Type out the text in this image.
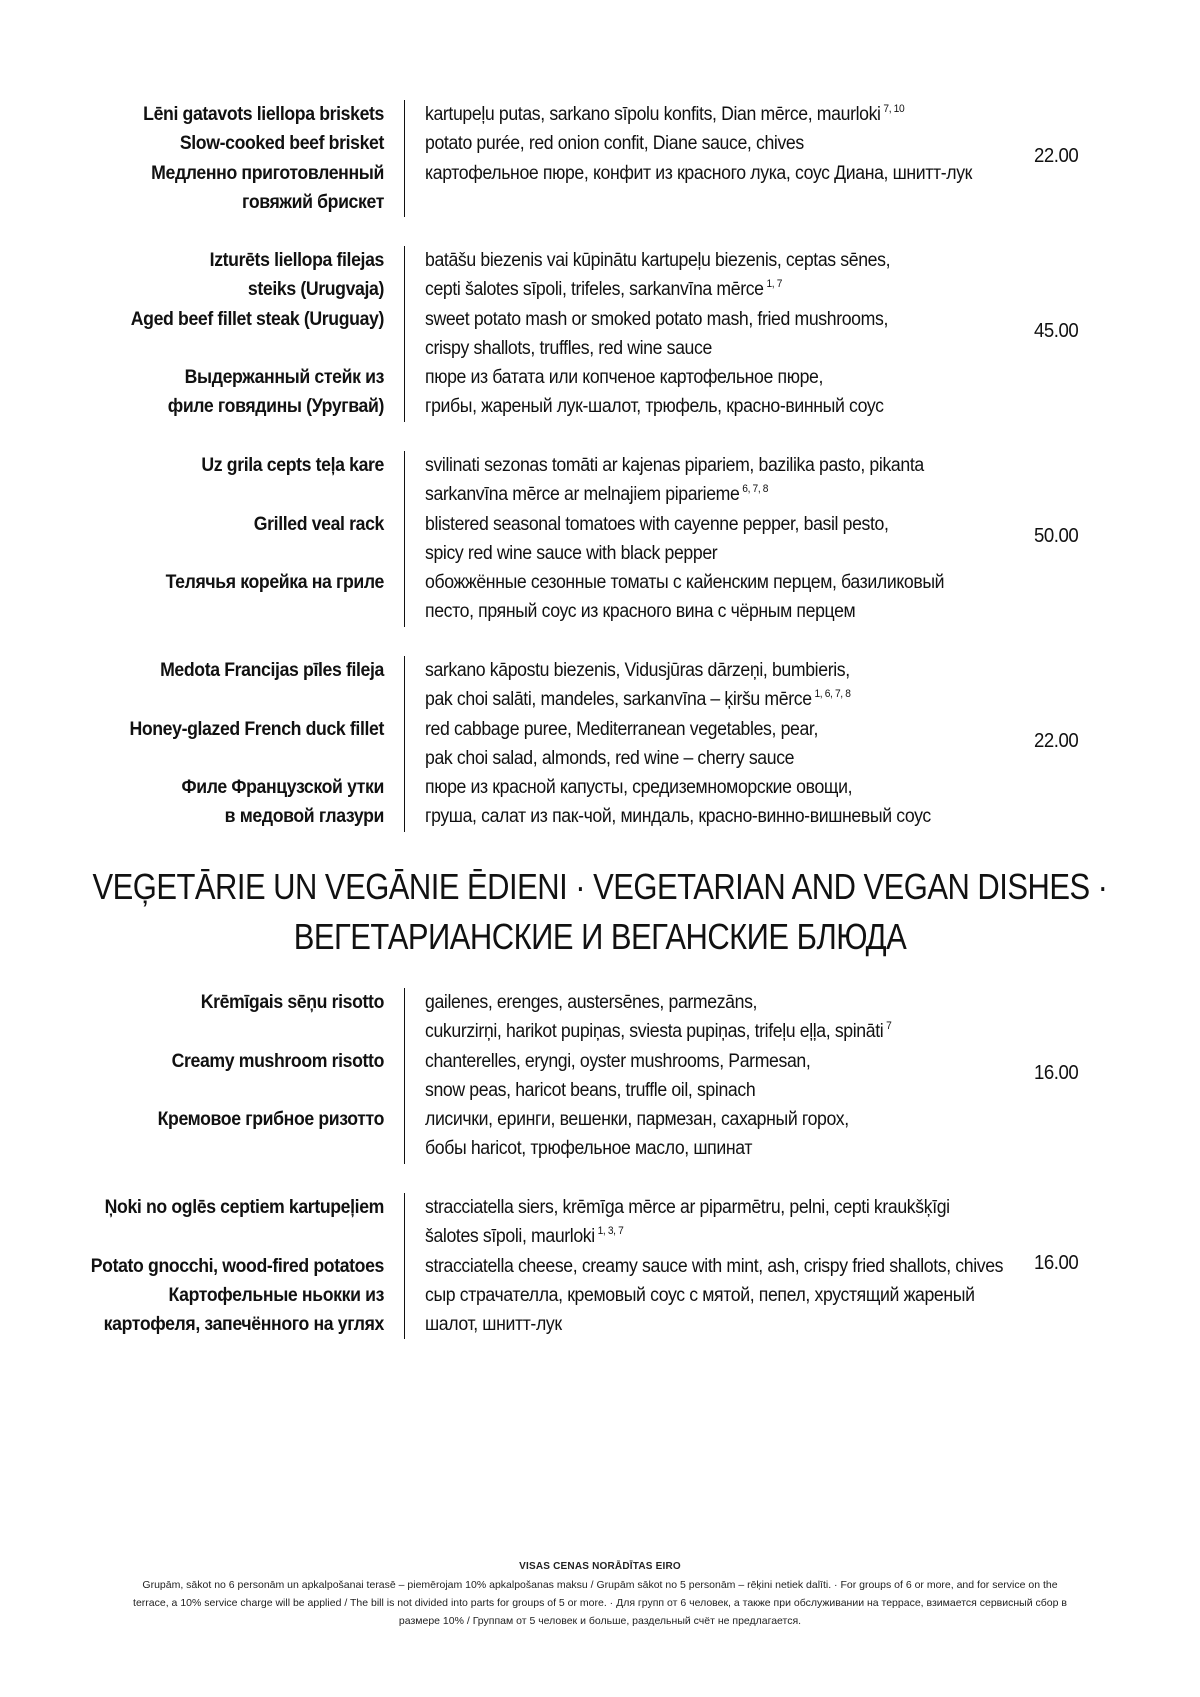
Lēni gatavots liellopa briskets
Slow-cooked beef brisket
Медленно приготовленный
говяжий брискет
kartupeļu putas, sarkano sīpolu konfits, Dian mērce, maurloki $^{7, 10}$
potato purée, red onion confit, Diane sauce, chives
картофельное пюре, конфит из красного лука, соус Диана, шнитт-лук
22.00
Izturēts liellopa filejas
steiks (Urugvaja)
Aged beef fillet steak (Uruguay)
Выдержанный стейк из
филе говядины (Уругвай)
batāšu biezenis vai kūpinātu kartupeļu biezenis, ceptas sēnes,
cepti šalotes sīpoli, trifeles, sarkanvīna mērce $^{1, 7}$
sweet potato mash or smoked potato mash, fried mushrooms,
crispy shallots, truffles, red wine sauce
пюре из батата или копченое картофельное пюре,
грибы, жареный лук-шалот, трюфель, красно-винный соус
45.00
Uz grila cepts teļa kare
Grilled veal rack
Телячья корейка на гриле
svilinati sezonas tomāti ar kajenas pipariem, bazilika pasto, pikanta
sarkanvīna mērce ar melnajiem piparieme $^{6, 7, 8}$
blistered seasonal tomatoes with cayenne pepper, basil pesto,
spicy red wine sauce with black pepper
обожжённые сезонные томаты с кайенским перцем, базиликовый
песто, пряный соус из красного вина с чёрным перцем
50.00
Medota Francijas pīles fileja
Honey-glazed French duck fillet
Филе Французской утки
в медовой глазури
sarkano kāpostu biezenis, Vidusjūras dārzeņi, bumbieris,
pak choi salāti, mandeles, sarkanvīna – ķiršu mērce $^{1, 6, 7, 8}$
red cabbage puree, Mediterranean vegetables, pear,
pak choi salad, almonds, red wine – cherry sauce
пюре из красной капусты, средиземноморские овощи,
груша, салат из пак-чой, миндаль, красно-винно-вишневый соус
22.00
VEĢETĀRIE UN VEGĀNIE ĒDIENI · VEGETARIAN AND VEGAN DISHES ·
ВЕГЕТАРИАНСКИЕ И ВЕГАНСКИЕ БЛЮДА
Krēmīgais sēņu risotto
Creamy mushroom risotto
Кремовое грибное ризотто
gailenes, erenges, austersēnes, parmezāns,
cukurzirņi, harikot pupiņas, sviesta pupiņas, trifeļu eļļa, spināti $^7$
chanterelles, eryngi, oyster mushrooms, Parmesan,
snow peas, haricot beans, truffle oil, spinach
лисички, еринги, вешенки, пармезан, сахарный горох,
бобы haricot, трюфельное масло, шпинат
16.00
Ņoki no oglēs ceptiem kartupeļiem
Potato gnocchi, wood-fired potatoes
Картофельные ньокки из
картофеля, запечённого на углях
stracciatella siers, krēmīga mērce ar piparmētru, pelni, cepti kraukšķīgi
šalotes sīpoli, maurloki $^{1, 3, 7}$
stracciatella cheese, creamy sauce with mint, ash, crispy fried shallots, chives
сыр страчателла, кремовый соус с мятой, пепел, хрустящий жареный
шалот, шнитт-лук
16.00
VISAS CENAS NORĀDĪTAS EIRO
Grupām, sākot no 6 personām un apkalpošanai terasē – piemērojam 10% apkalpošanas maksu / Grupām sākot no 5 personām – rēķini netiek dalīti. · For groups of 6 or more, and for service on the
terrace, a 10% service charge will be applied / The bill is not divided into parts for groups of 5 or more. · Для групп от 6 человек, а также при обслуживании на террасе, взимается сервисный сбор в
размере 10% / Группам от 5 человек и больше, раздельный счёт не предлагается.
